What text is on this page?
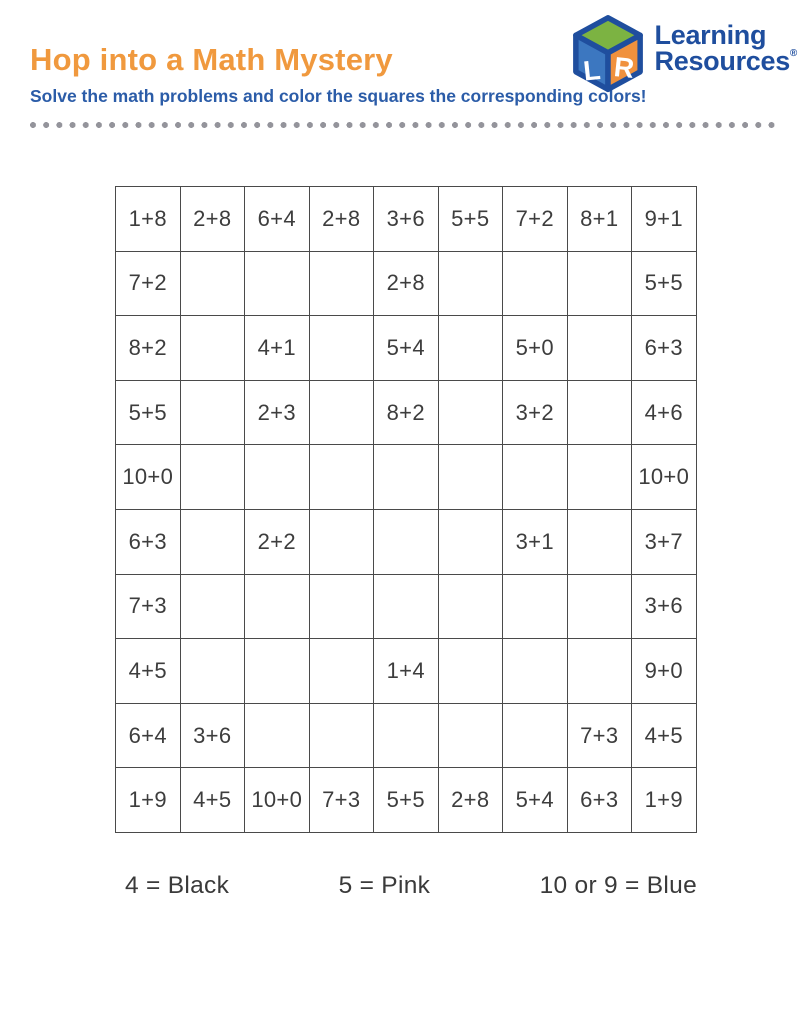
Hop into a Math Mystery

Solve the math problems and color the squares the corresponding colors!

L R
Learning
Resources®
1+8	2+8	6+4	2+8	3+6	5+5	7+2	8+1	9+1
7+2				2+8				5+5
8+2		4+1		5+4		5+0		6+3
5+5		2+3		8+2		3+2		4+6
10+0								10+0
6+3		2+2				3+1		3+7
7+3								3+6
4+5				1+4				9+0
6+4	3+6						7+3	4+5
1+9	4+5	10+0	7+3	5+5	2+8	5+4	6+3	1+9
4 = Black	5 = Pink	10 or 9 = Blue
